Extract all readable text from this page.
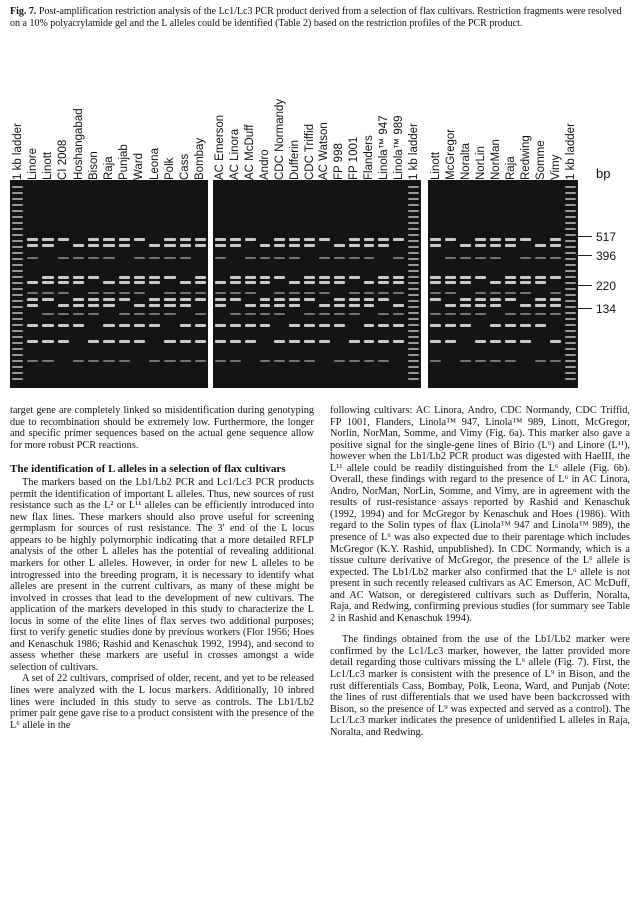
Fig. 7. Post-amplification restriction analysis of the Lc1/Lc3 PCR product derived from a selection of flax cultivars. Restriction fragments were resolved on a 10% polyacrylamide gel and the L alleles could be identified (Table 2) based on the restriction profiles of the PCR product.
1 kb ladder Linore Linott CI 2008 Hoshangabad Bison Raja Punjab Ward Leona Polk Cass Bombay AC Emerson AC Linora AC McDuff Andro CDC Normandy Dufferin CDC Triffid AC Watson FP 998 FP 1001 Flanders Linola™ 947 Linola™ 989 1 kb ladder Linott McGregor Noralta NorLin NorMan Raja Redwing Somme Vimy 1 kb ladder bp
517
396
220
134

target gene are completely linked so misidentification during genotyping due to recombination should be extremely low. Furthermore, the longer and specific primer sequences based on the actual gene sequence allow for more robust PCR reactions.

The identification of L alleles in a selection of flax cultivars

The markers based on the Lb1/Lb2 PCR and Lc1/Lc3 PCR products permit the identification of important L alleles. Thus, new sources of rust resistance such as the L² or L¹¹ alleles can be efficiently introduced into new flax lines. These markers should also prove useful for screening germplasm for sources of rust resistance. The 3′ end of the L locus appears to be highly polymorphic indicating that a more detailed RFLP analysis of the other L alleles has the potential of revealing additional markers for other L alleles. However, in order for new L alleles to be introgressed into the breeding program, it is necessary to identify what alleles are present in the current cultivars, as many of these might be involved in crosses that lead to the development of new cultivars. The application of the markers developed in this study to characterize the L locus in some of the elite lines of flax serves two additional purposes; first to verify genetic studies done by previous workers (Flor 1956; Hoes and Kenaschuk 1986; Rashid and Kenaschuk 1992, 1994), and second to assess whether these markers are useful in crosses amongst a wide selection of cultivars.

A set of 22 cultivars, comprised of older, recent, and yet to be released lines were analyzed with the L locus markers. Additionally, 10 inbred lines were included in this study to serve as controls. The Lb1/Lb2 primer pair gene gave rise to a product consistent with the presence of the L⁶ allele in the

following cultivars: AC Linora, Andro, CDC Normandy, CDC Triffid, FP 1001, Flanders, Linola™ 947, Linola™ 989, Linott, McGregor, Norlin, NorMan, Somme, and Vimy (Fig. 6a). This marker also gave a positive signal for the single-gene lines of Birio (L⁶) and Linore (L¹¹), however when the Lb1/Lb2 PCR product was digested with HaeIII, the L¹¹ allele could be readily distinguished from the L⁶ allele (Fig. 6b). Overall, these findings with regard to the presence of L⁶ in AC Linora, Andro, NorMan, NorLin, Somme, and Vimy, are in agreement with the results of rust-resistance assays reported by Rashid and Kenaschuk (1992, 1994) and for McGregor by Kenaschuk and Hoes (1986). With regard to the Solin types of flax (Linola™ 947 and Linola™ 989), the presence of L⁶ was also expected due to their parentage which includes McGregor (K.Y. Rashid, unpublished). In CDC Normandy, which is a tissue culture derivative of McGregor, the presence of the L⁶ allele is expected. The Lb1/Lb2 marker also confirmed that the L⁶ allele is not present in such recently released cultivars as AC Emerson, AC McDuff, and AC Watson, or deregistered cultivars such as Dufferin, Noralta, Raja, and Redwing, confirming previous studies (for summary see Table 2 in Rashid and Kenaschuk 1994).

The findings obtained from the use of the Lb1/Lb2 marker were confirmed by the Lc1/Lc3 marker, however, the latter provided more detail regarding those cultivars missing the L⁶ allele (Fig. 7). First, the Lc1/Lc3 marker is consistent with the presence of L⁹ in Bison, and the rust differentials Cass, Bombay, Polk, Leona, Ward, and Punjab (Note: the lines of rust differentials that we used have been backcrossed with Bison, so the presence of L⁹ was expected and served as a control). The Lc1/Lc3 marker indicates the presence of unidentified L alleles in Raja, Noralta, and Redwing.
